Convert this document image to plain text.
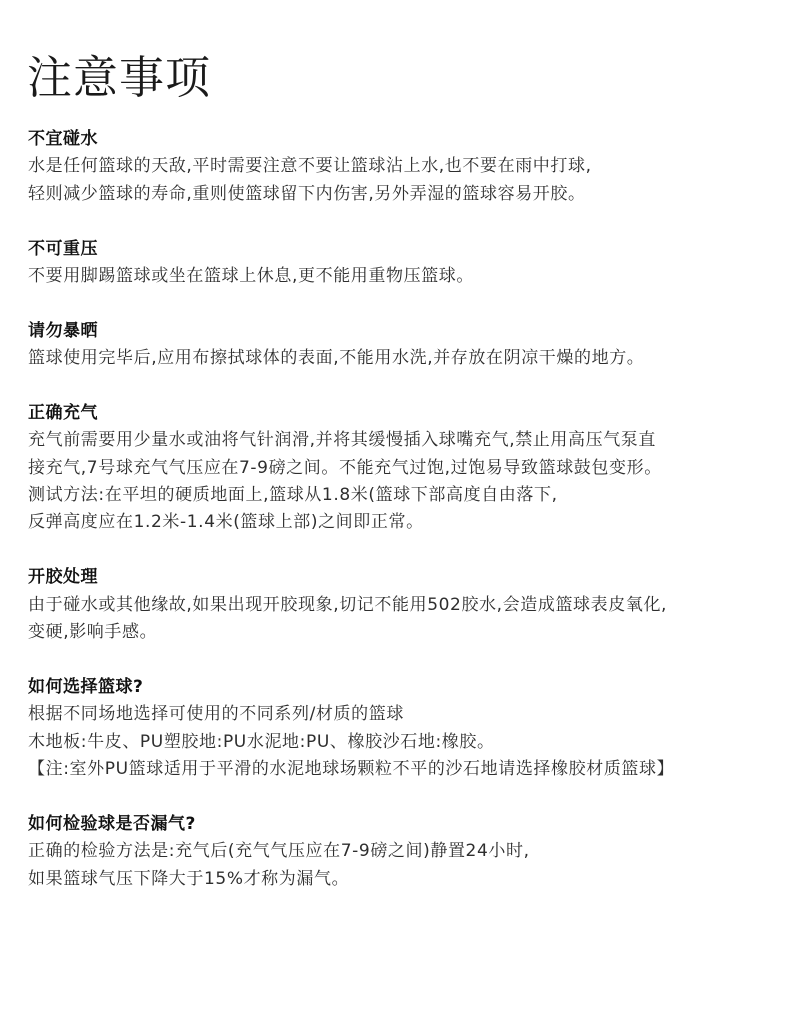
注意事项
不宜碰水

水是任何篮球的天敌,平时需要注意不要让篮球沾上水,也不要在雨中打球,

轻则减少篮球的寿命,重则使篮球留下内伤害,另外弄湿的篮球容易开胶。

不可重压

不要用脚踢篮球或坐在篮球上休息,更不能用重物压篮球。

请勿暴晒

篮球使用完毕后,应用布擦拭球体的表面,不能用水洗,并存放在阴凉干燥的地方。

正确充气

充气前需要用少量水或油将气针润滑,并将其缓慢插入球嘴充气,禁止用高压气泵直

接充气,7号球充气气压应在7-9磅之间。不能充气过饱,过饱易导致篮球鼓包变形。

测试方法:在平坦的硬质地面上,篮球从1.8米(篮球下部高度自由落下,

反弹高度应在1.2米-1.4米(篮球上部)之间即正常。

开胶处理

由于碰水或其他缘故,如果出现开胶现象,切记不能用502胶水,会造成篮球表皮氧化,

变硬,影响手感。

如何选择篮球?

根据不同场地选择可使用的不同系列/材质的篮球

木地板:牛皮、PU塑胶地:PU水泥地:PU、橡胶沙石地:橡胶。

【注:室外PU篮球适用于平滑的水泥地球场颗粒不平的沙石地请选择橡胶材质篮球】

如何检验球是否漏气?

正确的检验方法是:充气后(充气气压应在7-9磅之间)静置24小时,

如果篮球气压下降大于15%才称为漏气。
